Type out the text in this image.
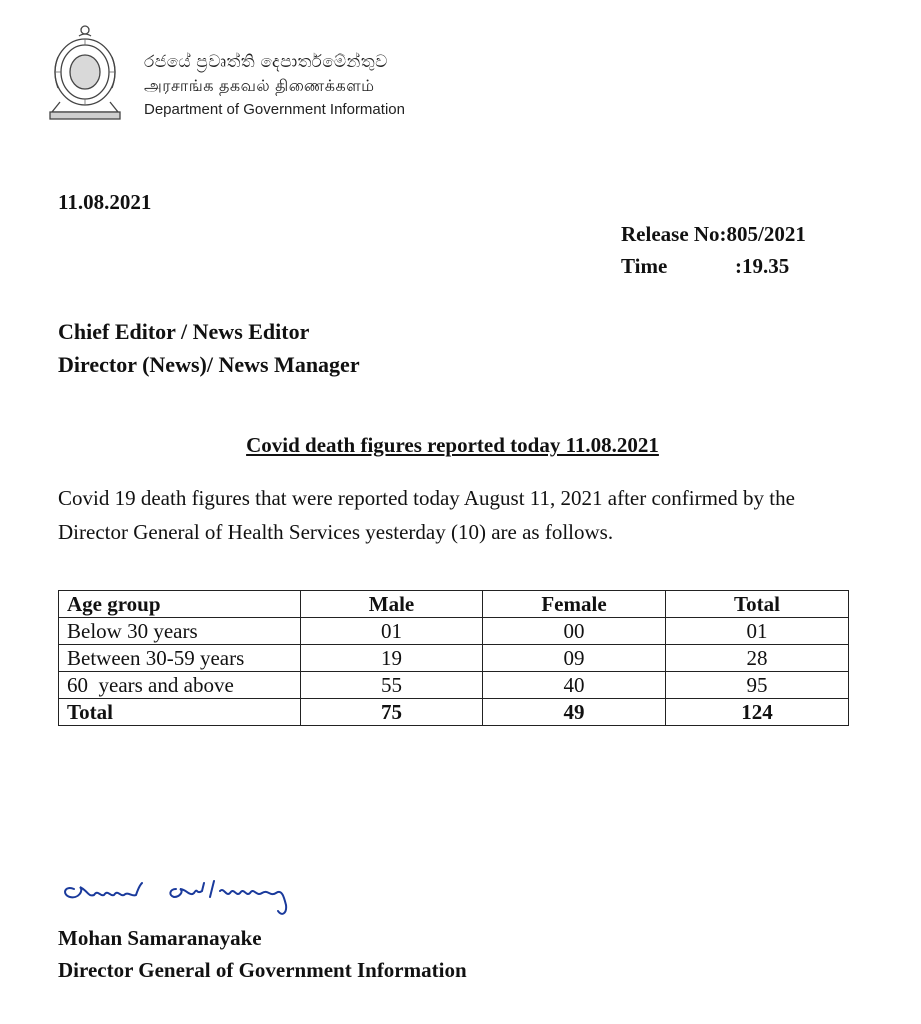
රජයේ ප්‍රවෘත්ති දෙපාර්තමේන්තුව
அரசாங்க தகவல் திணைக்களம்
Department of Government Information
11.08.2021
Release No:805/2021
Time	:19.35
Chief Editor / News Editor
Director (News)/ News Manager
Covid death figures reported today 11.08.2021
Covid 19 death figures that were reported today August 11, 2021 after confirmed by the Director General of Health Services yesterday (10) are as follows.
Age group	Male	Female	Total
Below 30 years	01	00	01
Between 30-59 years	19	09	28
60  years and above	55	40	95
Total	75	49	124
Mohan Samaranayake
Director General of Government Information
